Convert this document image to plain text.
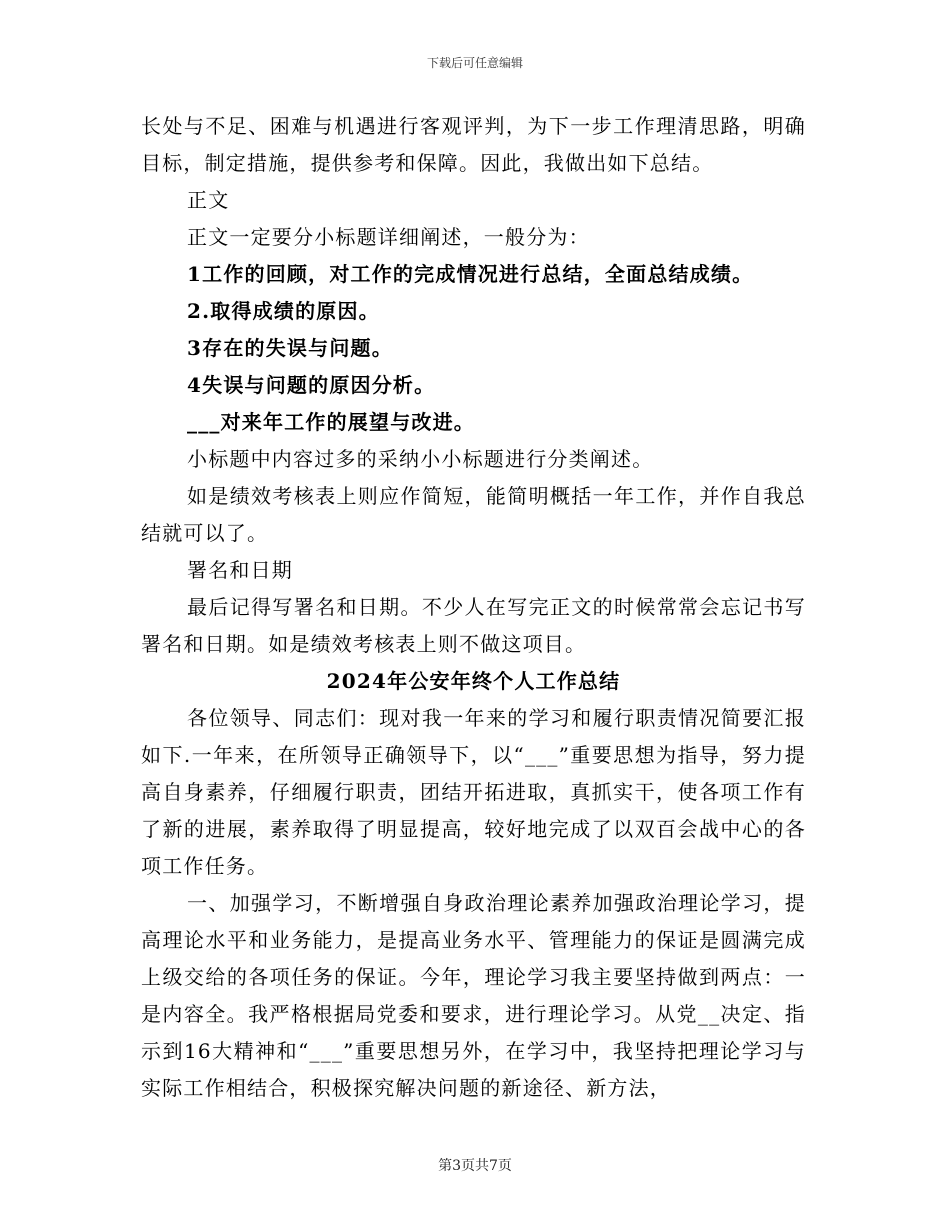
下载后可任意编辑

长处与不足、困难与机遇进行客观评判，为下一步工作理清思路，明确目标，制定措施，提供参考和保障。因此，我做出如下总结。

正文

正文一定要分小标题详细阐述，一般分为：

1工作的回顾，对工作的完成情况进行总结，全面总结成绩。

2.取得成绩的原因。

3存在的失误与问题。

4失误与问题的原因分析。

___对来年工作的展望与改进。

小标题中内容过多的采纳小小标题进行分类阐述。

如是绩效考核表上则应作简短，能简明概括一年工作，并作自我总结就可以了。

署名和日期

最后记得写署名和日期。不少人在写完正文的时候常常会忘记书写署名和日期。如是绩效考核表上则不做这项目。

2024年公安年终个人工作总结

各位领导、同志们：现对我一年来的学习和履行职责情况简要汇报如下.一年来，在所领导正确领导下，以“___”重要思想为指导，努力提高自身素养，仔细履行职责，团结开拓进取，真抓实干，使各项工作有了新的进展，素养取得了明显提高，较好地完成了以双百会战中心的各项工作任务。

一、加强学习，不断增强自身政治理论素养加强政治理论学习，提高理论水平和业务能力，是提高业务水平、管理能力的保证是圆满完成上级交给的各项任务的保证。今年，理论学习我主要坚持做到两点：一是内容全。我严格根据局党委和要求，进行理论学习。从党__决定、指示到16大精神和“___”重要思想另外，在学习中，我坚持把理论学习与实际工作相结合，积极探究解决问题的新途径、新方法，

第3页共7页
